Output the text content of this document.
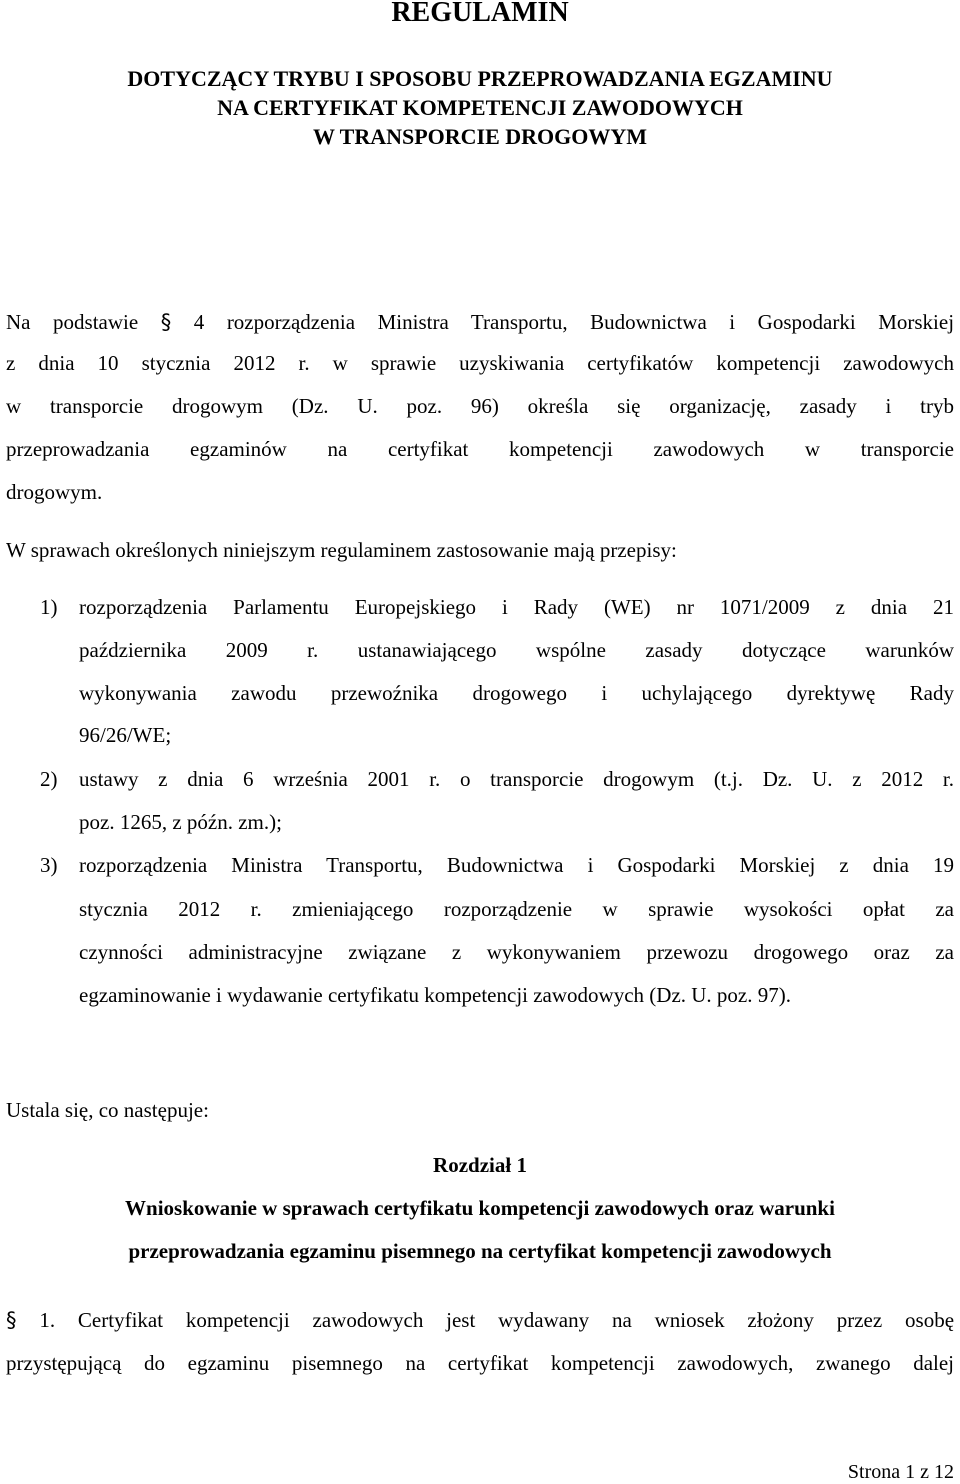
REGULAMIN
DOTYCZĄCY TRYBU I SPOSOBU PRZEPROWADZANIA EGZAMINU
NA CERTYFIKAT KOMPETENCJI ZAWODOWYCH
W TRANSPORCIE DROGOWYM
Na podstawie § 4 rozporządzenia Ministra Transportu, Budownictwa i Gospodarki Morskiej
z dnia 10 stycznia 2012 r. w sprawie uzyskiwania certyfikatów kompetencji zawodowych
w transporcie drogowym (Dz. U. poz. 96) określa się organizację, zasady i tryb
przeprowadzania egzaminów na certyfikat kompetencji zawodowych w transporcie
drogowym.
W sprawach określonych niniejszym regulaminem zastosowanie mają przepisy:
1) rozporządzenia Parlamentu Europejskiego i Rady (WE) nr 1071/2009 z dnia 21
października 2009 r. ustanawiającego wspólne zasady dotyczące warunków
wykonywania zawodu przewoźnika drogowego i uchylającego dyrektywę Rady
96/26/WE;
2) ustawy z dnia 6 września 2001 r. o transporcie drogowym (t.j. Dz. U. z 2012 r.
poz. 1265, z późn. zm.);
3) rozporządzenia Ministra Transportu, Budownictwa i Gospodarki Morskiej z dnia 19
stycznia 2012 r. zmieniającego rozporządzenie w sprawie wysokości opłat za
czynności administracyjne związane z wykonywaniem przewozu drogowego oraz za
egzaminowanie i wydawanie certyfikatu kompetencji zawodowych (Dz. U. poz. 97).
Ustala się, co następuje:
Rozdział 1
Wnioskowanie w sprawach certyfikatu kompetencji zawodowych oraz warunki
przeprowadzania egzaminu pisemnego na certyfikat kompetencji zawodowych
§ 1. Certyfikat kompetencji zawodowych jest wydawany na wniosek złożony przez osobę
przystępującą do egzaminu pisemnego na certyfikat kompetencji zawodowych, zwanego dalej
Strona 1 z 12
